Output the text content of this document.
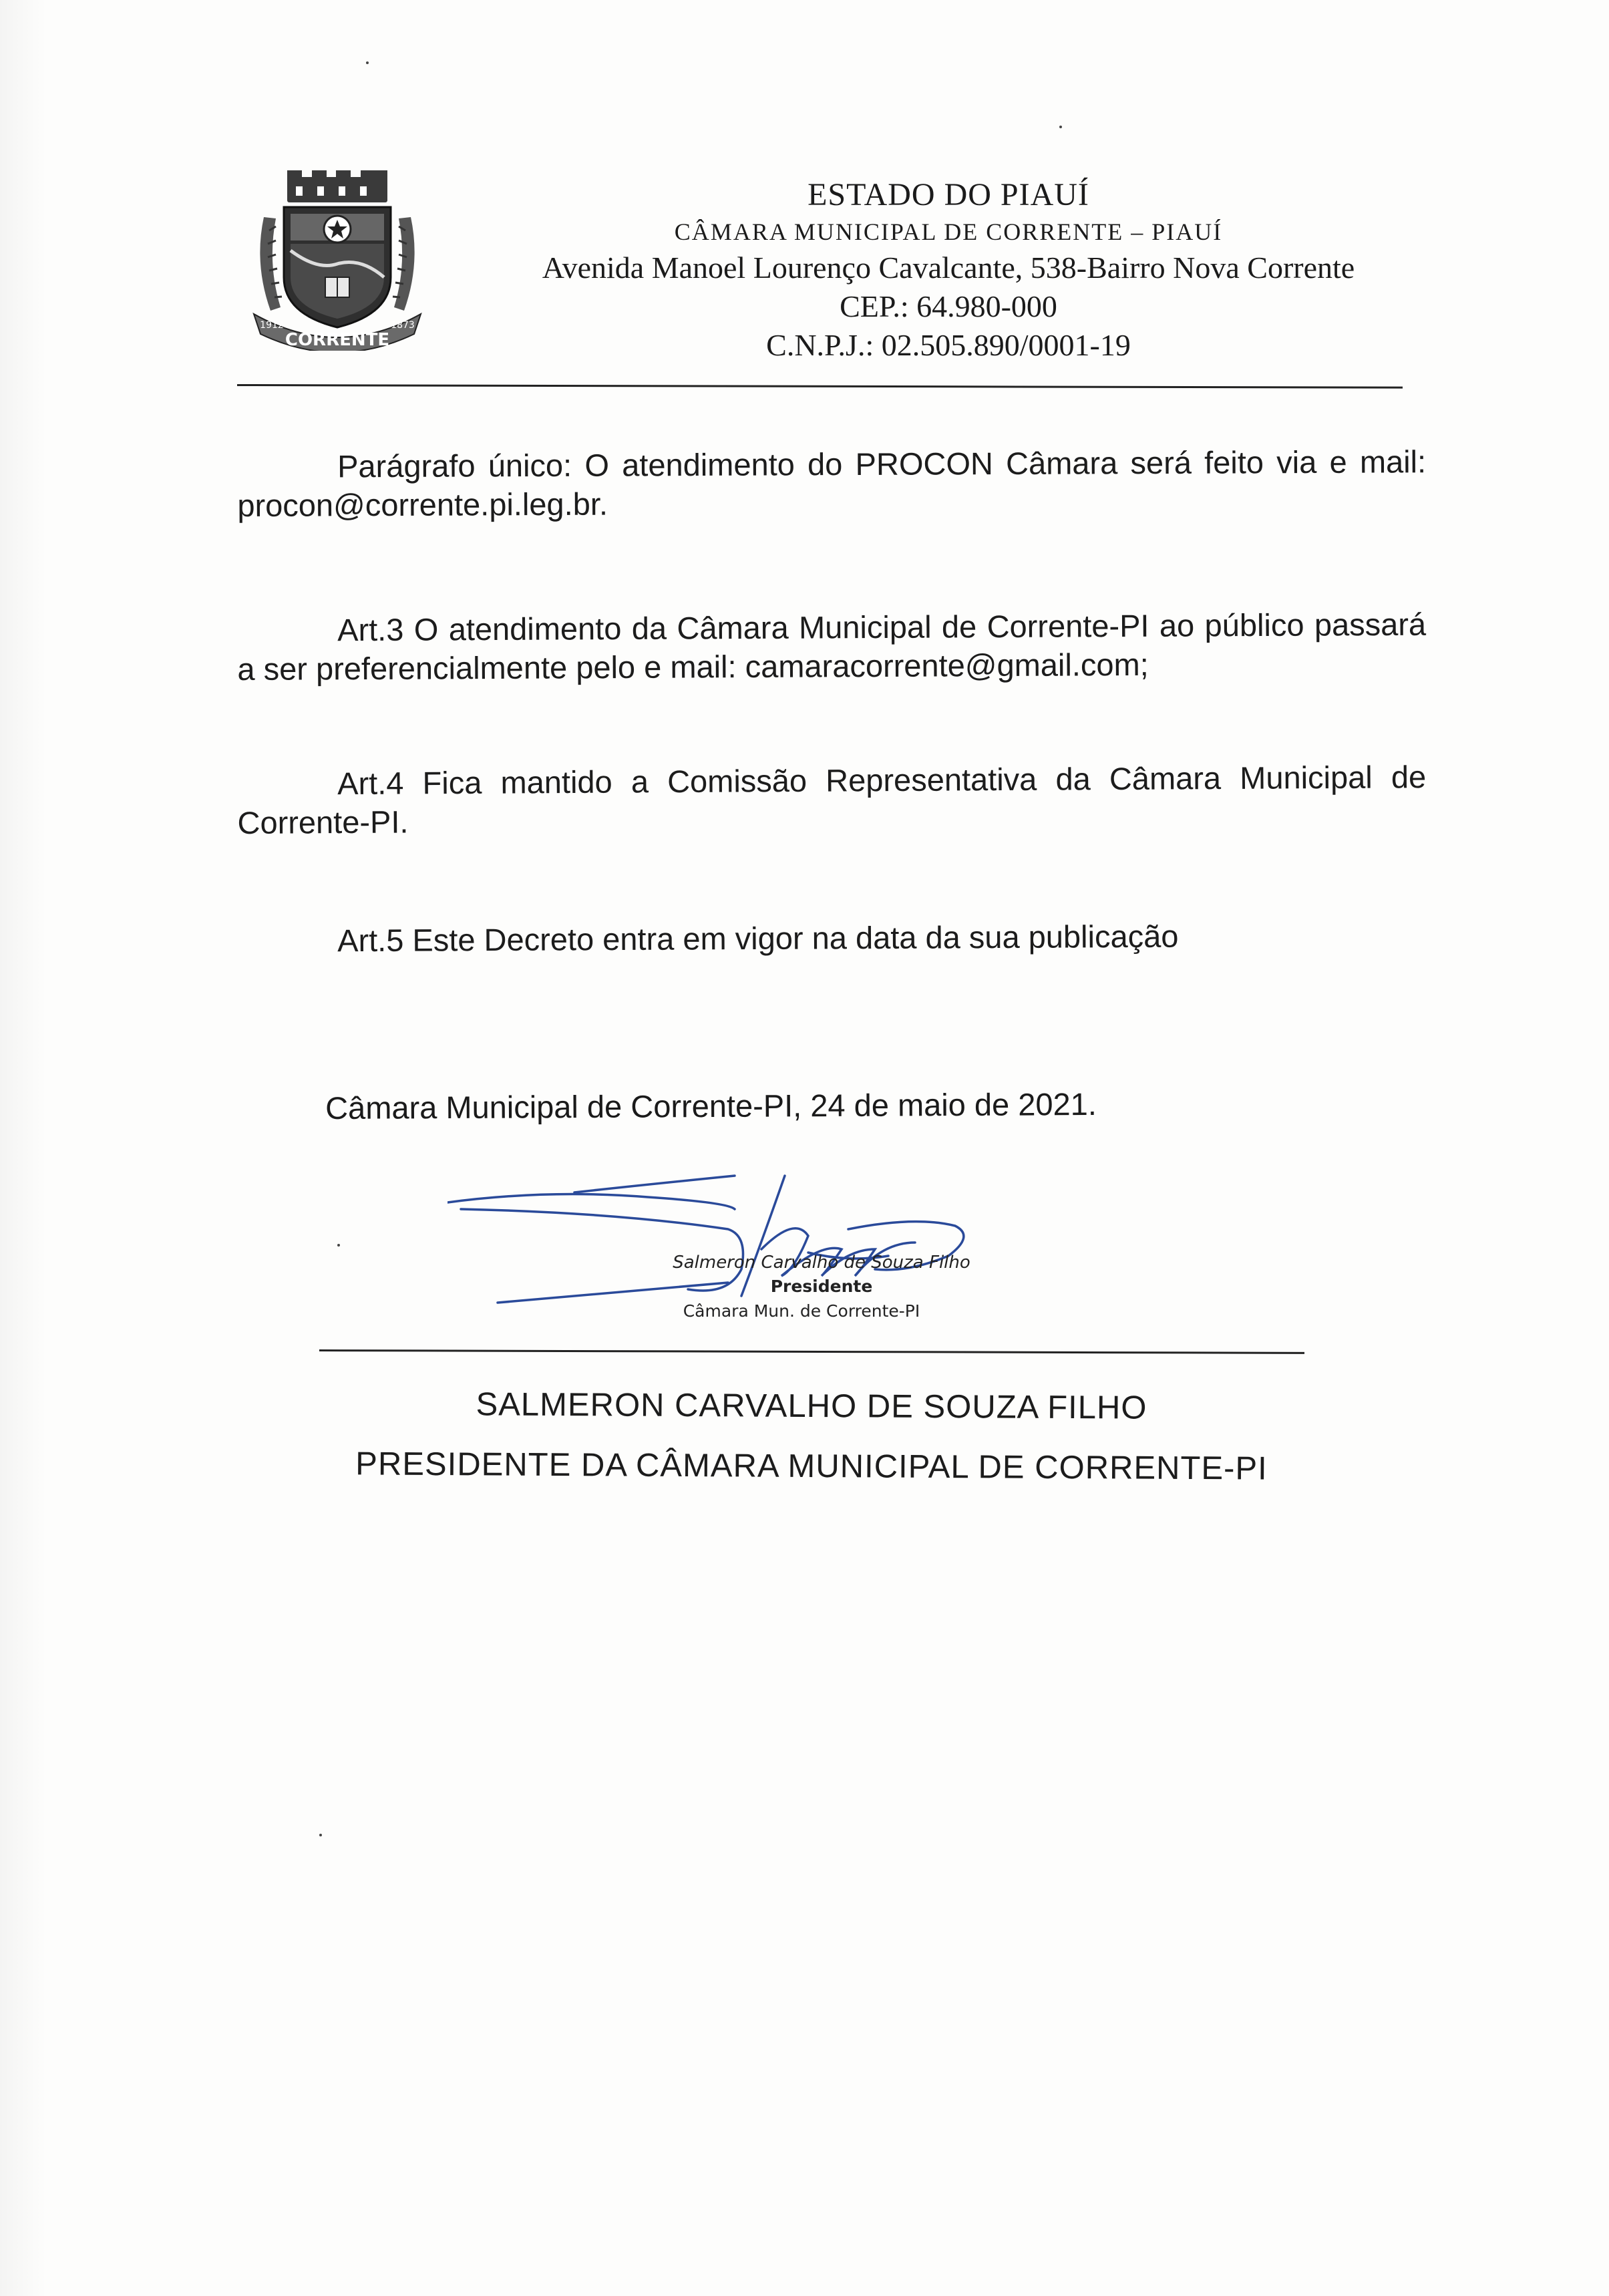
CORRENTE
1912	1873
ESTADO DO PIAUÍ
CÂMARA MUNICIPAL DE CORRENTE – PIAUÍ
Avenida Manoel Lourenço Cavalcante, 538-Bairro Nova Corrente
CEP.: 64.980-000
C.N.P.J.: 02.505.890/0001-19
Parágrafo único: O atendimento do PROCON Câmara será feito via e mail: procon@corrente.pi.leg.br.
Art.3 O atendimento da Câmara Municipal de Corrente-PI ao público passará a ser preferencialmente pelo e mail: camaracorrente@gmail.com;
Art.4 Fica mantido a Comissão Representativa da Câmara Municipal de Corrente-PI.
Art.5 Este Decreto entra em vigor na data da sua publicação
Câmara Municipal de Corrente-PI, 24 de maio de 2021.
Salmeron Carvalho de Souza Filho
Presidente
Câmara Mun. de Corrente-PI
SALMERON CARVALHO DE SOUZA FILHO
PRESIDENTE DA CÂMARA MUNICIPAL DE CORRENTE-PI
